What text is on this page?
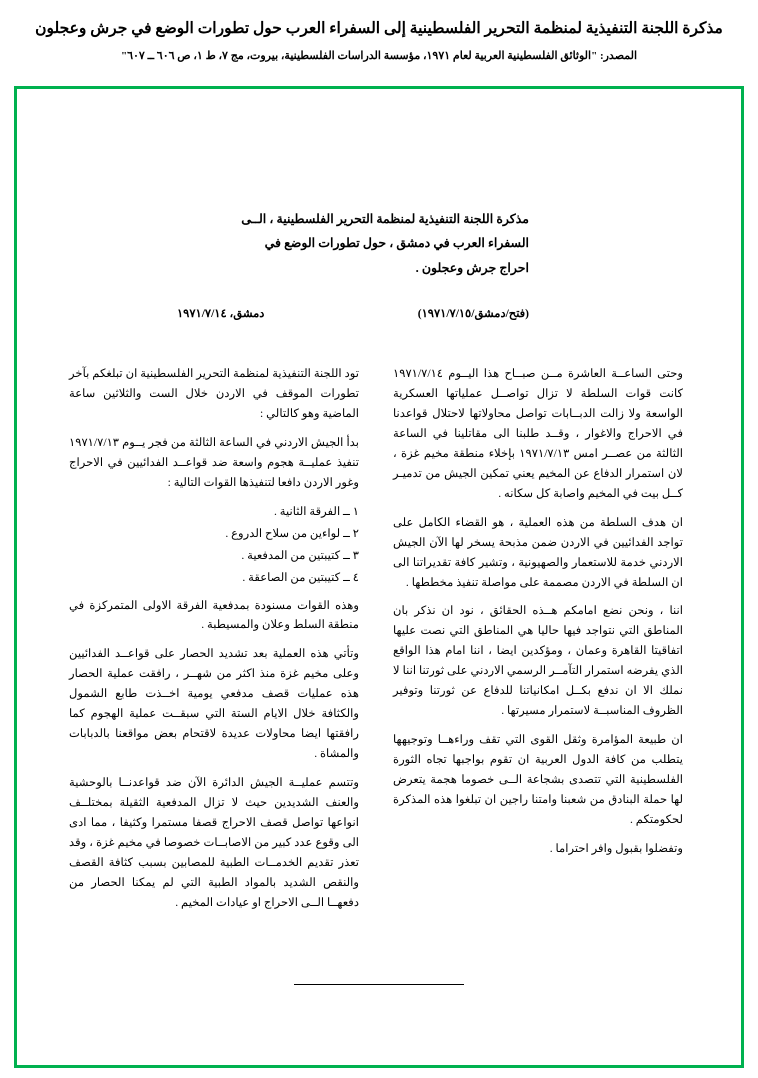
مذكرة اللجنة التنفيذية لمنظمة التحرير الفلسطينية إلى السفراء العرب حول تطورات الوضع في جرش وعجلون
المصدر: "الوثائق الفلسطينية العربية لعام ١٩٧١، مؤسسة الدراسات الفلسطينية، بيروت، مج ٧، ط ١، ص ٦٠٦ ــ ٦٠٧"
مذكرة اللجنة التنفيذية لمنظمة التحرير الفلسطينية ، الــى
السفراء العرب في دمشق ، حول تطورات الوضع في
احراج جرش وعجلون .
دمشق، ١٩٧١/٧/١٤	(فتح/دمشق/١٩٧١/٧/١٥)

وحتى الساعــة العاشرة مــن صبــاح هذا اليــوم ١٩٧١/٧/١٤ كانت قوات السلطة لا تزال تواصــل عملياتها العسكرية الواسعة ولا زالت الدبــابات تواصل محاولاتها لاحتلال قواعدنا في الاحراج والاغوار ، وقــد طلبنا الى مقاتلينا في الساعة الثالثة من عصــر امس ١٩٧١/٧/١٣ بإخلاء منطقة مخيم غزة ، لان استمرار الدفاع عن المخيم يعني تمكين الجيش من تدميـر كــل بيت في المخيم واصابة كل سكانه .

ان هدف السلطة من هذه العملية ، هو القضاء الكامل على تواجد الفدائيين في الاردن ضمن مذبحة يسخر لها الآن الجيش الاردني خدمة للاستعمار والصهيونية ، وتشير كافة تقديراتنا الى ان السلطة في الاردن مصممة على مواصلة تنفيذ مخططها .

اننا ، ونحن نضع امامكم هــذه الحقائق ، نود ان نذكر بان المناطق التي نتواجد فيها حاليا هي المناطق التي نصت عليها اتفاقيتا القاهرة وعمان ، ومؤكدين ايضا ، اننا امام هذا الواقع الذي يفرضه استمرار التآمــر الرسمي الاردني على ثورتنا اننا لا نملك الا ان ندفع بكــل امكانياتنا للدفاع عن ثورتنا وتوفير الظروف المناسبــة لاستمرار مسيرتها .

ان طبيعة المؤامرة وثقل القوى التي تقف وراءهــا وتوجيهها يتطلب من كافة الدول العربية ان تقوم بواجبها تجاه الثورة الفلسطينية التي تتصدى بشجاعة الــى خصوما هجمة يتعرض لها حملة البنادق من شعبنا وامتنا راجين ان تبلغوا هذه المذكرة لحكومتكم .

وتفضلوا بقبول وافر احتراما .

تود اللجنة التنفيذية لمنظمة التحرير الفلسطينية ان تبلغكم بآخر تطورات الموقف في الاردن خلال الست والثلاثين ساعة الماضية وهو كالتالي :

بدأ الجيش الاردني في الساعة الثالثة من فجر يــوم ١٩٧١/٧/١٣ تنفيذ عمليــة هجوم واسعة ضد قواعــد الفدائيين في الاحراج وغور الاردن دافعا لتنفيذها القوات التالية :

١ ــ الفرقة الثانية .
٢ ــ لواءين من سلاح الدروع .
٣ ــ كتيبتين من المدفعية .
٤ ــ كتيبتين من الصاعقة .

وهذه القوات مسنودة بمدفعية الفرقة الاولى المتمركزة في منطقة السلط وعلان والمسيطبة .

وتأتي هذه العملية بعد تشديد الحصار على قواعــد الفدائيين وعلى مخيم غزة منذ اكثر من شهــر ، رافقت عملية الحصار هذه عمليات قصف مدفعي يومية اخــذت طابع الشمول والكثافة خلال الايام الستة التي سبقــت عملية الهجوم كما رافقتها ايضا محاولات عديدة لاقتحام بعض مواقعنا بالدبابات والمشاة .

وتتسم عمليــة الجيش الدائرة الآن ضد قواعدنــا بالوحشية والعنف الشديدين حيث لا تزال المدفعية الثقيلة بمختلــف انواعها تواصل قصف الاحراج قصفا مستمرا وكثيفا ، مما ادى الى وقوع عدد كبير من الاصابــات خصوصا في مخيم غزة ، وقد تعذر تقديم الخدمــات الطبية للمصابين بسبب كثافة القصف والنقص الشديد بالمواد الطبية التي لم يمكنا الحصار من دفعهــا الــى الاحراج او عيادات المخيم .
